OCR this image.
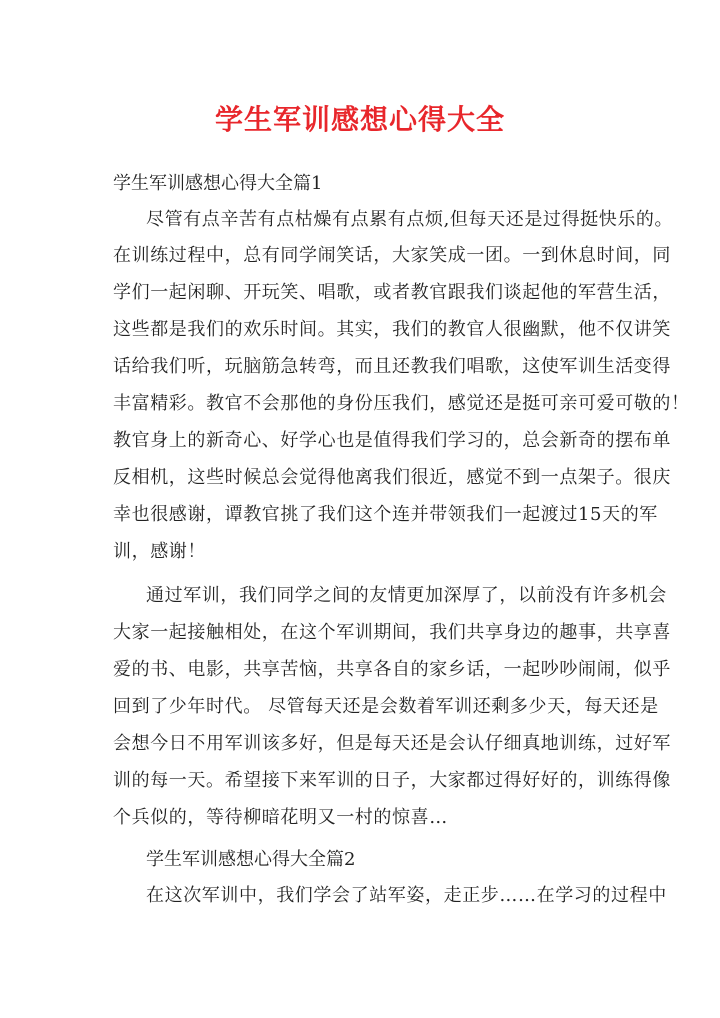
学生军训感想心得大全
学生军训感想心得大全篇1
尽管有点辛苦有点枯燥有点累有点烦,但每天还是过得挺快乐的。
在训练过程中，总有同学闹笑话，大家笑成一团。一到休息时间，同
学们一起闲聊、开玩笑、唱歌，或者教官跟我们谈起他的军营生活，
这些都是我们的欢乐时间。其实，我们的教官人很幽默，他不仅讲笑
话给我们听，玩脑筋急转弯，而且还教我们唱歌，这使军训生活变得
丰富精彩。教官不会那他的身份压我们，感觉还是挺可亲可爱可敬的！
教官身上的新奇心、好学心也是值得我们学习的，总会新奇的摆布单
反相机，这些时候总会觉得他离我们很近，感觉不到一点架子。很庆
幸也很感谢，谭教官挑了我们这个连并带领我们一起渡过15天的军
训，感谢！
通过军训，我们同学之间的友情更加深厚了，以前没有许多机会
大家一起接触相处，在这个军训期间，我们共享身边的趣事，共享喜
爱的书、电影，共享苦恼，共享各自的家乡话，一起吵吵闹闹，似乎
回到了少年时代。 尽管每天还是会数着军训还剩多少天，每天还是
会想今日不用军训该多好，但是每天还是会认仔细真地训练，过好军
训的每一天。希望接下来军训的日子，大家都过得好好的，训练得像
个兵似的，等待柳暗花明又一村的惊喜…
学生军训感想心得大全篇2
在这次军训中，我们学会了站军姿，走正步……在学习的过程中
